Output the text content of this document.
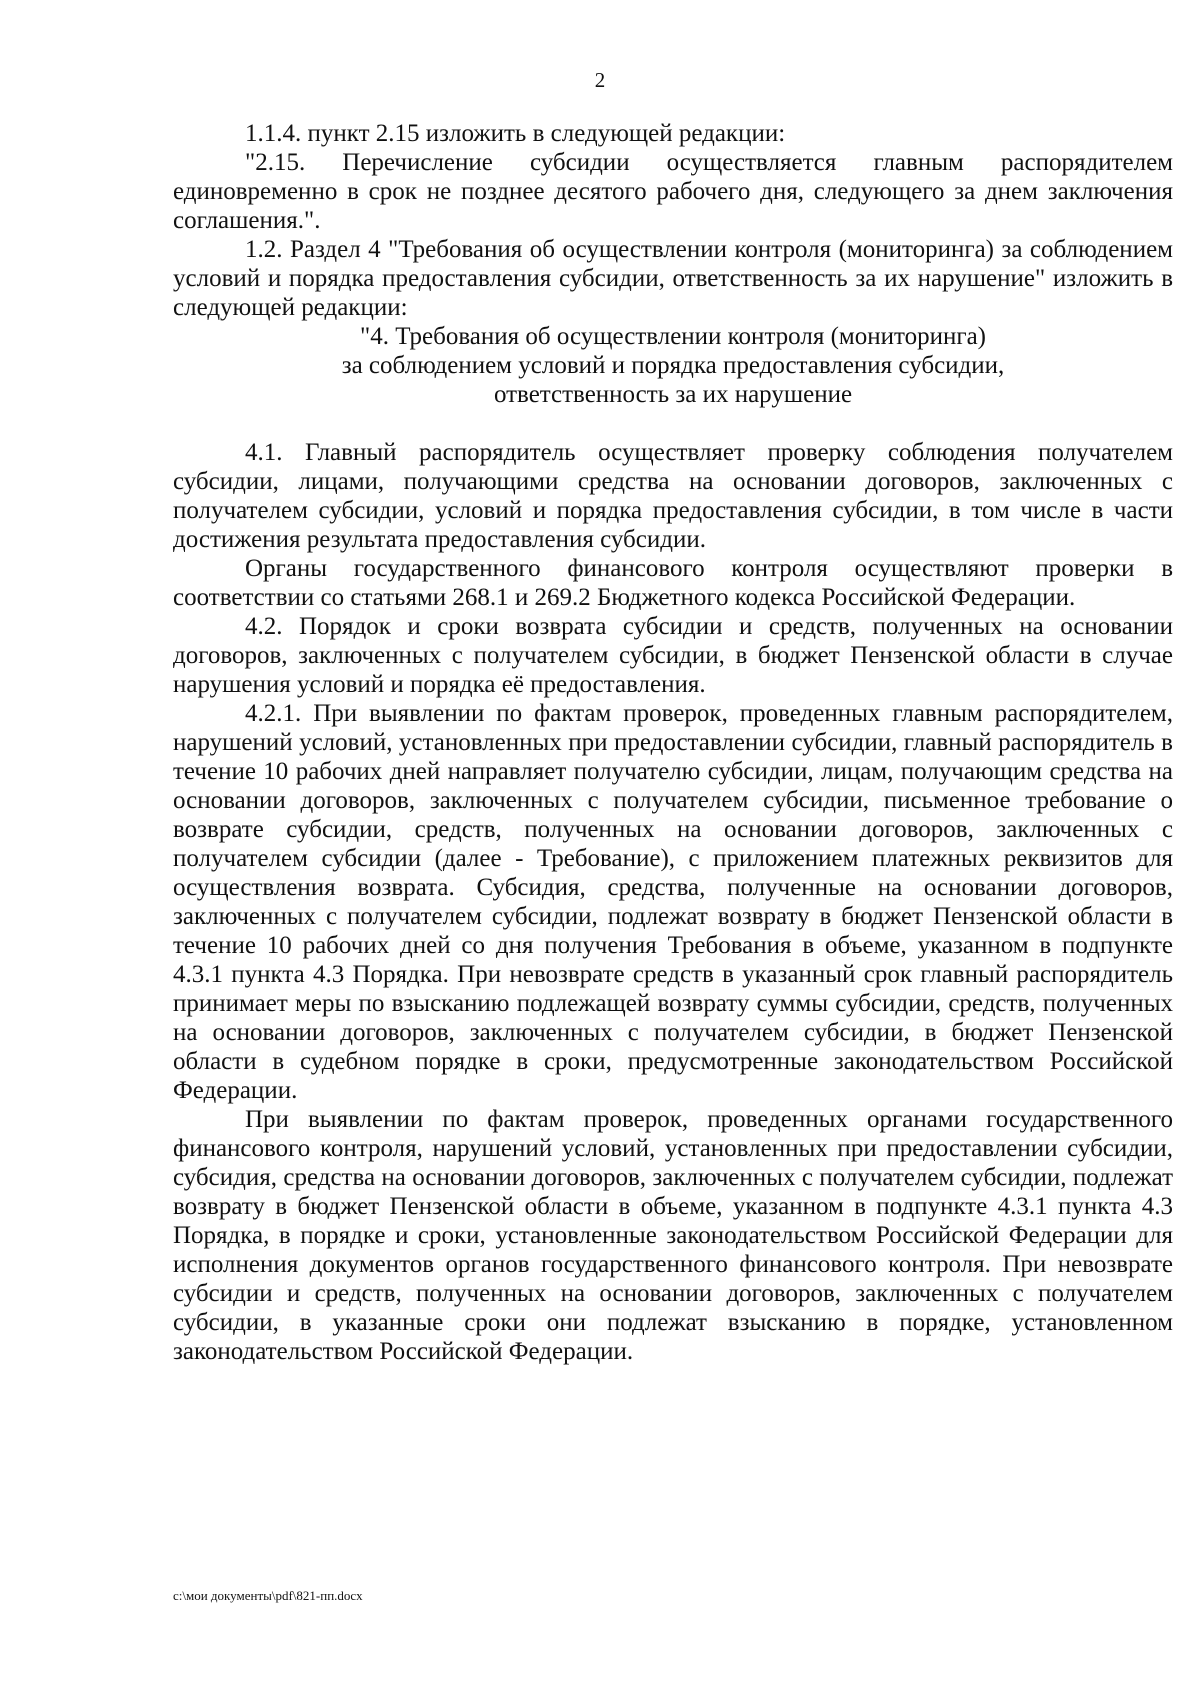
2

1.1.4. пункт 2.15 изложить в следующей редакции:

"2.15. Перечисление субсидии осуществляется главным распорядителем единовременно в срок не позднее десятого рабочего дня, следующего за днем заключения соглашения.".

1.2. Раздел 4 "Требования об осуществлении контроля (мониторинга) за соблюдением условий и порядка предоставления субсидии, ответственность за их нарушение" изложить в следующей редакции:

"4. Требования об осуществлении контроля (мониторинга)

за соблюдением условий и порядка предоставления субсидии,

ответственность за их нарушение

4.1. Главный распорядитель осуществляет проверку соблюдения получателем субсидии, лицами, получающими средства на основании договоров, заключенных с получателем субсидии, условий и порядка предоставления субсидии, в том числе в части достижения результата предоставления субсидии.

Органы государственного финансового контроля осуществляют проверки в соответствии со статьями 268.1 и 269.2 Бюджетного кодекса Российской Федерации.

4.2. Порядок и сроки возврата субсидии и средств, полученных на основании договоров, заключенных с получателем субсидии, в бюджет Пензенской области в случае нарушения условий и порядка её предоставления.

4.2.1. При выявлении по фактам проверок, проведенных главным распорядителем, нарушений условий, установленных при предоставлении субсидии, главный распорядитель в течение 10 рабочих дней направляет получателю субсидии, лицам, получающим средства на основании договоров, заключенных с получателем субсидии, письменное требование о возврате субсидии, средств, полученных на основании договоров, заключенных с получателем субсидии (далее - Требование), с приложением платежных реквизитов для осуществления возврата. Субсидия, средства, полученные на основании договоров, заключенных с получателем субсидии, подлежат возврату в бюджет Пензенской области в течение 10 рабочих дней со дня получения Требования в объеме, указанном в подпункте 4.3.1 пункта 4.3 Порядка. При невозврате средств в указанный срок главный распорядитель принимает меры по взысканию подлежащей возврату суммы субсидии, средств, полученных на основании договоров, заключенных с получателем субсидии, в бюджет Пензенской области в судебном порядке в сроки, предусмотренные законодательством Российской Федерации.

При выявлении по фактам проверок, проведенных органами государственного финансового контроля, нарушений условий, установленных при предоставлении субсидии, субсидия, средства на основании договоров, заключенных с получателем субсидии, подлежат возврату в бюджет Пензенской области в объеме, указанном в подпункте 4.3.1 пункта 4.3 Порядка, в порядке и сроки, установленные законодательством Российской Федерации для исполнения документов органов государственного финансового контроля. При невозврате субсидии и средств, полученных на основании договоров, заключенных с получателем субсидии, в указанные сроки они подлежат взысканию в порядке, установленном законодательством Российской Федерации.

c:\мои документы\pdf\821-пп.docx
